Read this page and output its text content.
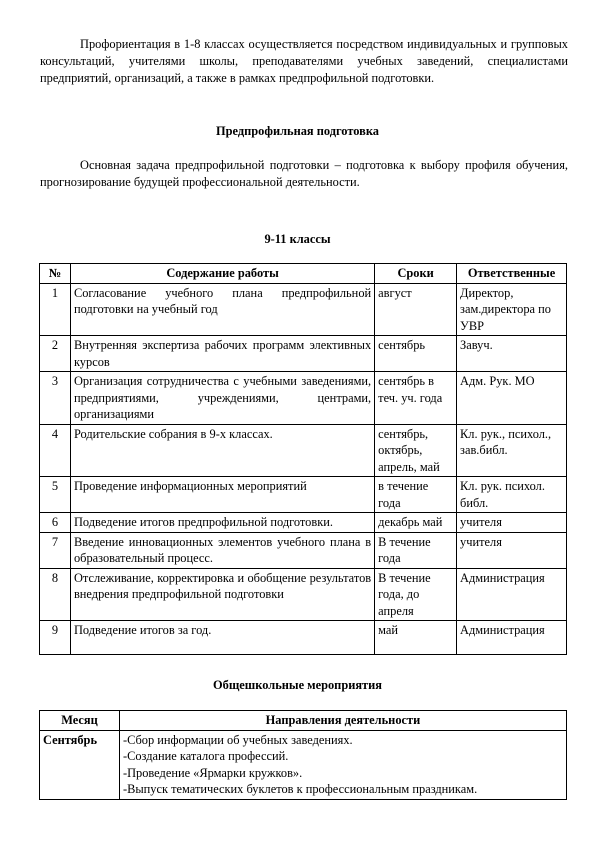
Профориентация в 1-8 классах осуществляется посредством индивидуальных и групповых консультаций, учителями школы, преподавателями учебных заведений, специалистами предприятий, организаций, а также в рамках предпрофильной подготовки.

Предпрофильная подготовка

Основная задача предпрофильной подготовки – подготовка к выбору профиля обучения, прогнозирование будущей профессиональной деятельности.

9-11 классы

№	Содержание работы	Сроки	Ответственные
1	Согласование учебного плана предпрофильной подготовки на учебный год	август	Директор, зам.директора по УВР
2	Внутренняя экспертиза рабочих программ элективных курсов	сентябрь	Завуч.
3	Организация сотрудничества с учебными заведениями, предприятиями, учреждениями, центрами, организациями	сентябрь в теч. уч. года	Адм. Рук. МО
4	Родительские собрания в 9-х классах.	сентябрь, октябрь, апрель, май	Кл. рук., психол., зав.библ.
5	Проведение информационных мероприятий	в течение года	Кл. рук. психол. библ.
6	Подведение итогов предпрофильной подготовки.	декабрь май	учителя
7	Введение инновационных элементов учебного плана в образовательный процесс.	В течение года	учителя
8	Отслеживание, корректировка и обобщение результатов внедрения предпрофильной подготовки	В течение года, до апреля	Администрация
9	Подведение итогов за год.	май	Администрация

Общешкольные мероприятия

Месяц	Направления деятельности
Сентябрь	-Сбор информации об учебных заведениях.
-Создание каталога профессий.
-Проведение «Ярмарки кружков».
-Выпуск тематических буклетов к профессиональным праздникам.
